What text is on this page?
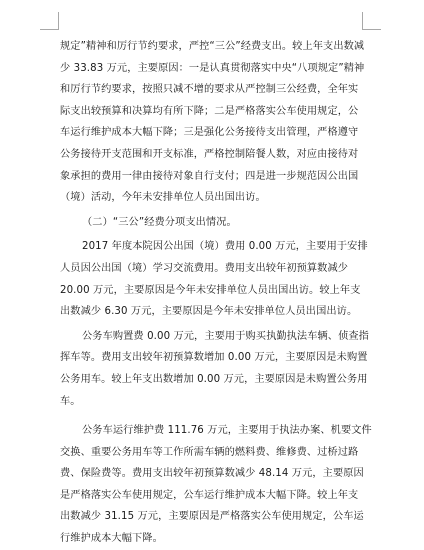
规定”精神和厉行节约要求，严控“三公”经费支出。较上年支出数减
少 33.83 万元，主要原因：一是认真贯彻落实中央“八项规定”精神
和厉行节约要求，按照只减不增的要求从严控制三公经费，全年实
际支出较预算和决算均有所下降；二是严格落实公车使用规定，公
车运行维护成本大幅下降；三是强化公务接待支出管理，严格遵守
公务接待开支范围和开支标准，严格控制陪餐人数，对应由接待对
象承担的费用一律由接待对象自行支付；四是进一步规范因公出国
（境）活动，今年未安排单位人员出国出访。
（二）“三公”经费分项支出情况。
2017 年度本院因公出国（境）费用 0.00 万元，主要用于安排
人员因公出国（境）学习交流费用。费用支出较年初预算数减少
20.00 万元，主要原因是今年未安排单位人员出国出访。较上年支
出数减少 6.30 万元，主要原因是今年未安排单位人员出国出访。
公务车购置费 0.00 万元，主要用于购买执勤执法车辆、侦查指
挥车等。费用支出较年初预算数增加 0.00 万元，主要原因是未购置
公务用车。较上年支出数增加 0.00 万元，主要原因是未购置公务用
车。
公务车运行维护费 111.76 万元，主要用于执法办案、机要文件
交换、重要公务用车等工作所需车辆的燃料费、维修费、过桥过路
费、保险费等。费用支出较年初预算数减少 48.14 万元，主要原因
是严格落实公车使用规定，公车运行维护成本大幅下降。较上年支
出数减少 31.15 万元，主要原因是严格落实公车使用规定，公车运
行维护成本大幅下降。
